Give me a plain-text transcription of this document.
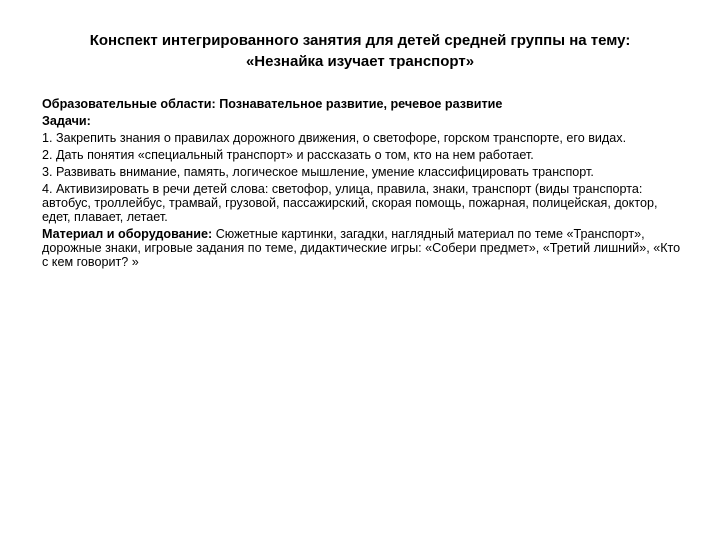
Конспект интегрированного занятия для детей средней группы на тему:
«Незнайка изучает транспорт»
Образовательные области: Познавательное развитие, речевое развитие
Задачи:
1. Закрепить знания о правилах дорожного движения, о светофоре, горском транспорте, его видах.
2. Дать понятия «специальный транспорт» и рассказать о том, кто на нем работает.
3. Развивать внимание, память, логическое мышление, умение классифицировать транспорт.
4. Активизировать в речи детей слова: светофор, улица, правила, знаки, транспорт (виды транспорта: автобус, троллейбус, трамвай, грузовой, пассажирский, скорая помощь, пожарная, полицейская, доктор, едет, плавает, летает.
Материал и оборудование: Сюжетные картинки, загадки, наглядный материал по теме «Транспорт», дорожные знаки, игровые задания по теме, дидактические игры: «Собери предмет», «Третий лишний», «Кто с кем говорит? »
